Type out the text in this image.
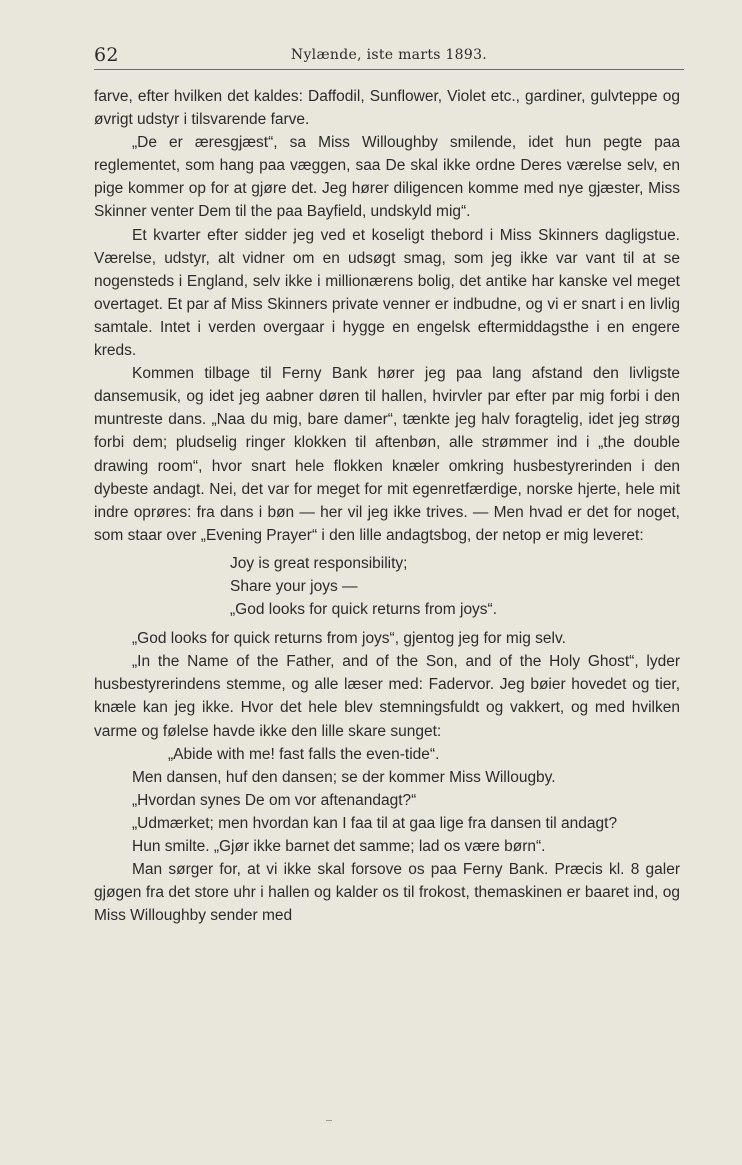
62	Nylænde, iste marts 1893.

farve, efter hvilken det kaldes: Daffodil, Sunflower, Violet etc., gardiner, gulvteppe og øvrigt udstyr i tilsvarende farve.

„De er æresgjæst“, sa Miss Willoughby smilende, idet hun pegte paa reglementet, som hang paa væggen, saa De skal ikke ordne Deres værelse selv, en pige kommer op for at gjøre det. Jeg hører diligencen komme med nye gjæster, Miss Skinner venter Dem til the paa Bayfield, undskyld mig“.

Et kvarter efter sidder jeg ved et koseligt thebord i Miss Skinners dagligstue. Værelse, udstyr, alt vidner om en udsøgt smag, som jeg ikke var vant til at se nogensteds i England, selv ikke i millionærens bolig, det antike har kanske vel meget overtaget. Et par af Miss Skinners private venner er indbudne, og vi er snart i en livlig samtale. Intet i verden overgaar i hygge en engelsk eftermiddagsthe i en engere kreds.

Kommen tilbage til Ferny Bank hører jeg paa lang afstand den livligste dansemusik, og idet jeg aabner døren til hallen, hvirvler par efter par mig forbi i den muntreste dans. „Naa du mig, bare damer“, tænkte jeg halv foragtelig, idet jeg strøg forbi dem; pludselig ringer klokken til aftenbøn, alle strømmer ind i „the double drawing room“, hvor snart hele flokken knæler omkring husbestyrerinden i den dybeste andagt. Nei, det var for meget for mit egenretfærdige, norske hjerte, hele mit indre oprøres: fra dans i bøn — her vil jeg ikke trives. — Men hvad er det for noget, som staar over „Evening Prayer“ i den lille andagtsbog, der netop er mig leveret:

Joy is great responsibility;

Share your joys —

„God looks for quick returns from joys“.

„God looks for quick returns from joys“, gjentog jeg for mig selv.

„In the Name of the Father, and of the Son, and of the Holy Ghost“, lyder husbestyrerindens stemme, og alle læser med: Fadervor. Jeg bøier hovedet og tier, knæle kan jeg ikke. Hvor det hele blev stemningsfuldt og vakkert, og med hvilken varme og følelse havde ikke den lille skare sunget:

„Abide with me! fast falls the even-tide“.

Men dansen, huf den dansen; se der kommer Miss Willougby.

„Hvordan synes De om vor aftenandagt?“

„Udmærket; men hvordan kan I faa til at gaa lige fra dansen til andagt?

Hun smilte. „Gjør ikke barnet det samme; lad os være børn“.

Man sørger for, at vi ikke skal forsove os paa Ferny Bank. Præcis kl. 8 galer gjøgen fra det store uhr i hallen og kalder os til frokost, themaskinen er baaret ind, og Miss Willoughby sender med
